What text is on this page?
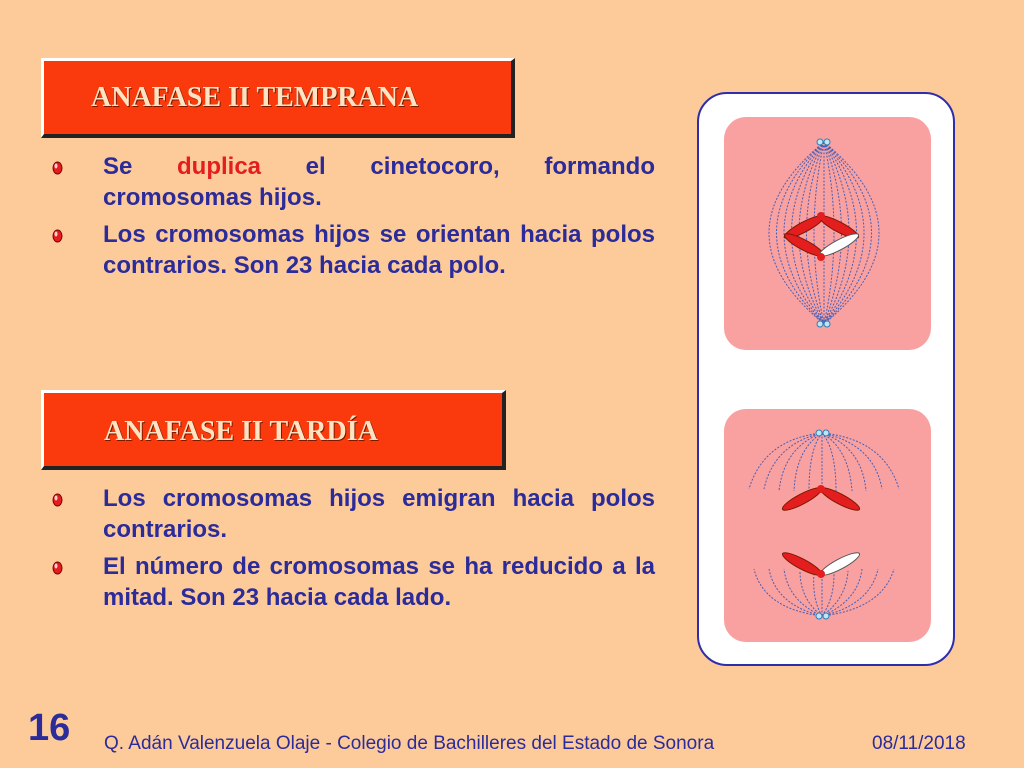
ANAFASE II TEMPRANA
Se duplica el cinetocoro, formando cromosomas hijos.
Los cromosomas hijos se orientan hacia polos contrarios. Son 23 hacia cada polo.
ANAFASE II TARDÍA
Los cromosomas hijos emigran hacia polos contrarios.
El número de cromosomas se ha reducido a la mitad. Son 23 hacia cada lado.
16 Q. Adán Valenzuela Olaje - Colegio de Bachilleres del Estado de Sonora	08/11/2018
